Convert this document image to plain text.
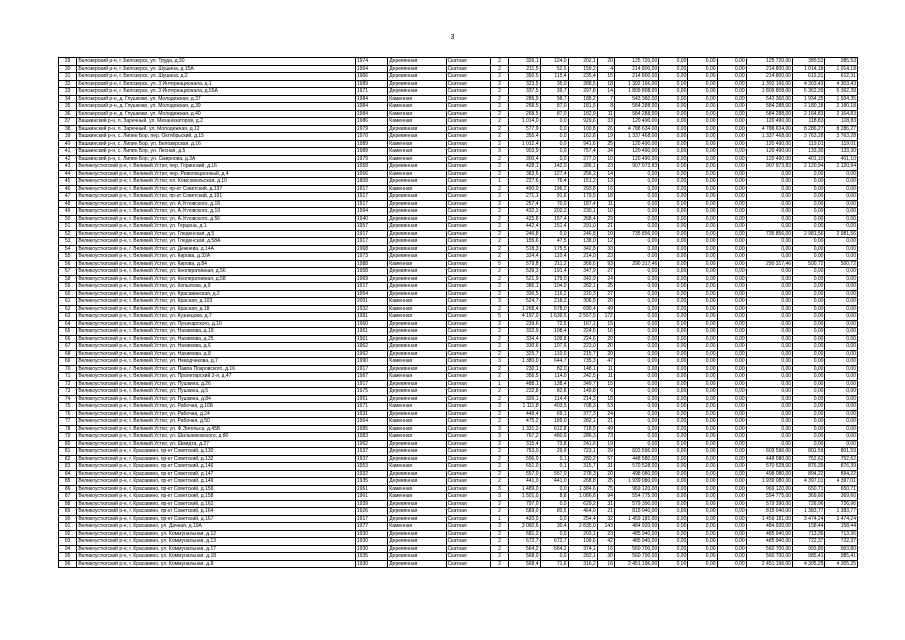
3
29	Белозерский р-н, г. Белозерск, ул. Труда, д.30	1974	Деревянная	Скатная	2	326,1	124,0	202,1	20	125 720,00	0,00	0,00	0,00	125 720,00	385,53	385,53
30	Белозерский р-н, г. Белозерск, ул. Шушина, д.15А	1964	Деревянная	Скатная	2	211,5	52,6	159,2	4	214 800,00	0,00	0,00	0,00	214 800,00	1 014,18	1 014,18
31	Белозерский р-н, г. Белозерск, ул. Шушина, д.2	1966	Деревянная	Скатная	2	350,5	115,4	235,4	15	214 800,00	0,00	0,00	0,00	214 800,00	612,31	612,31
32	Белозерский р-н, г. Белозерск, ул. 3 Интернационала, д.1	1989	Деревянная	Скатная	2	323,5	35,0	288,5	18	1 392 166,00	0,00	0,00	0,00	1 392 166,00	4 303,43	4 303,43
33	Белозерский р-н, г. Белозерск, ул. 3 Интернационала, д.55А	1971	Деревянная	Скатная	2	337,5	39,7	297,8	14	1 809 808,00	0,00	0,00	0,00	1 809 808,00	5 362,39	5 362,39
34	Белозерский р-н, д. Глушково, ул. Молодежная, д.37	1984	Каменная	Скатная	2	286,9	98,7	188,2	7	543 360,00	0,00	0,00	0,00	543 360,00	1 934,35	1 934,35
35	Белозерский р-н, д. Глушково, ул. Молодежная, д.39	1984	Каменная	Скатная	2	268,5	87,0	181,5	8	584 288,00	0,00	0,00	0,00	584 288,00	2 180,18	2 180,18
36	Белозерский р-н, д. Глушково, ул. Молодежная, д.40	1984	Каменная	Скатная	2	268,5	87,0	182,9	11	584 288,00	0,00	0,00	0,00	584 288,00	2 164,83	2 164,83
37	Вашкинский р-н, п. Заречный, ул. Механизаторов, д.2	1986	Каменная	Скатная	2	1 014,0	0,0	929,6	33	120 490,00	0,00	0,00	0,00	120 490,00	118,83	118,83
38	Вашкинский р-н, п. Заречный, ул. Молодежная, д.12	1979	Деревянная	Скатная	2	577,9	0,0	100,8	26	4 788 634,00	0,00	0,00	0,00	4 788 634,00	8 286,27	8 286,27
39	Вашкинский р-н, с. Липин Бор, пер. Октябрьский, д.15	1970	Деревянная	Скатная	2	355,4	0,0	162,8	19	1 337 468,00	0,00	0,00	0,00	1 337 468,00	3 763,28	3 763,28
40	Вашкинский р-н, с. Липин Бор, ул. Белозерская, д.16	1989	Каменная	Скатная	2	1 012,4	0,0	941,6	25	120 490,00	0,00	0,00	0,00	120 490,00	119,01	119,01
41	Вашкинский р-н, с. Липин Бор, ул. Лесная, д.5	1989	Каменная	Скатная	3	903,9	0,0	757,4	34	120 490,00	0,00	0,00	0,00	120 490,00	133,30	133,30
42	Вашкинский р-н, с. Липин Бор, ул. Смирнова, д.3А	1979	Каменная	Скатная	2	300,4	0,0	277,0	10	120 490,00	0,00	0,00	0,00	120 490,00	401,10	401,10
43	Великоустюгский р-н, г. Великий Устюг, пер. Горинский, д.16	1958	Деревянная	Скатная	2	428,1	142,0	286,1	23	907 973,83	0,00	0,00	0,00	907 973,83	2 120,94	2 120,94
44	Великоустюгский р-н, г. Великий Устюг, пер. Революционный, д.4	1956	Каменная	Скатная	2	383,6	127,4	256,2	14	0,00	0,00	0,00	0,00	0,00	0,00	0,00
45	Великоустюгский р-н, г. Великий Устюг, пл. Комсомольская, д.10	1808	Деревянная	Скатная	1	227,6	76,4	151,2	13	0,00	0,00	0,00	0,00	0,00	0,00	0,00
46	Великоустюгский р-н, г. Великий Устюг, пр-кт Советский, д.137	1917	Каменная	Скатная	2	490,0	196,2	293,8	16	0,00	0,00	0,00	0,00	0,00	0,00	0,00
47	Великоустюгский р-н, г. Великий Устюг, пр-кт Советский, д.191	1917	Деревянная	Скатная	2	271,1	91,6	179,5	18	0,00	0,00	0,00	0,00	0,00	0,00	0,00
48	Великоустюгский р-н, г. Великий Устюг, ул. А.Угловского, д.18	1917	Деревянная	Скатная	2	257,4	70,0	187,4	11	0,00	0,00	0,00	0,00	0,00	0,00	0,00
49	Великоустюгский р-н, г. Великий Устюг, ул. А.Угловского, д.19	1994	Деревянная	Скатная	2	432,3	202,2	230,1	10	0,00	0,00	0,00	0,00	0,00	0,00	0,00
50	Великоустюгский р-н, г. Великий Устюг, ул. А.Угловского, д.56	1940	Деревянная	Скатная	2	425,8	157,4	268,4	29	0,00	0,00	0,00	0,00	0,00	0,00	0,00
51	Великоустюгский р-н, г. Великий Устюг, ул. Герцена, д.1	1957	Деревянная	Скатная	2	442,4	151,4	291,0	21	0,00	0,00	0,00	0,00	0,00	0,00	0,00
52	Великоустюгский р-н, г. Великий Устюг, ул. Гледенская, д.5	1917	Деревянная	Скатная	2	246,8	0,0	246,8	10	735 856,00	0,00	0,00	0,00	735 856,00	2 981,56	2 981,56
53	Великоустюгский р-н, г. Великий Устюг, ул. Гледенская, д.58А	1917	Деревянная	Скатная	2	155,6	47,5	138,0	12	0,00	0,00	0,00	0,00	0,00	0,00	0,00
54	Великоустюгский р-н, г. Великий Устюг, ул. Дежнева, д.14А	1968	Деревянная	Скатная	2	518,3	175,5	342,8	33	0,00	0,00	0,00	0,00	0,00	0,00	0,00
55	Великоустюгский р-н, г. Великий Устюг, ул. Кирова, д.32А	1973	Деревянная	Скатная	2	324,4	110,4	214,0	23	0,00	0,00	0,00	0,00	0,00	0,00	0,00
56	Великоустюгский р-н, г. Великий Устюг, ул. Кирова, д.84	1988	Каменная	Скатная	5	579,8	211,2	368,6	93	290 317,46	0,00	0,00	0,00	290 317,46	500,72	500,72
57	Великоустюгский р-н, г. Великий Устюг, ул. Кооперативная, д.56	1958	Деревянная	Скатная	2	539,3	191,4	347,9	27	0,00	0,00	0,00	0,00	0,00	0,00	0,00
58	Великоустюгский р-н, г. Великий Устюг, ул. Кооперативная, д.58	1969	Деревянная	Скатная	2	521,9	179,0	342,9	24	0,00	0,00	0,00	0,00	0,00	0,00	0,00
59	Великоустюгский р-н, г. Великий Устюг, ул. Копылова, д.9	1917	Деревянная	Скатная	2	386,1	104,0	282,1	25	0,00	0,00	0,00	0,00	0,00	0,00	0,00
60	Великоустюгский р-н, г. Великий Устюг, ул. Красавинская, д.2	1954	Деревянная	Скатная	2	336,5	116,2	220,3	27	0,00	0,00	0,00	0,00	0,00	0,00	0,00
61	Великоустюгский р-н, г. Великий Устюг, ул. Красная, д.103	2001	Каменная	Скатная	3	524,7	218,2	306,5	20	0,00	0,00	0,00	0,00	0,00	0,00	0,00
62	Великоустюгский р-н, г. Великий Устюг, ул. Красная, д.18	1932	Каменная	Скатная	2	1 268,4	578,0	690,4	49	0,00	0,00	0,00	0,00	0,00	0,00	0,00
63	Великоустюгский р-н, г. Великий Устюг, ул. Кузнецова, д.7	1981	Каменная	Скатная	5	4 197,0	1 639,5	2 557,5	172	0,00	0,00	0,00	0,00	0,00	0,00	0,00
64	Великоустюгский р-н, г. Великий Устюг, ул. Луначарского, д.10	1960	Деревянная	Скатная	2	239,6	72,5	167,1	15	0,00	0,00	0,00	0,00	0,00	0,00	0,00
65	Великоустюгский р-н, г. Великий Устюг, ул. Нахимова, д.19	1961	Деревянная	Скатная	2	332,9	108,4	224,5	16	0,00	0,00	0,00	0,00	0,00	0,00	0,00
66	Великоустюгский р-н, г. Великий Устюг, ул. Нахимова, д.25	1961	Деревянная	Скатная	2	334,4	109,8	224,6	20	0,00	0,00	0,00	0,00	0,00	0,00	0,00
67	Великоустюгский р-н, г. Великий Устюг, ул. Нахимова, д.6	1962	Деревянная	Скатная	2	330,6	107,6	223,0	20	0,00	0,00	0,00	0,00	0,00	0,00	0,00
68	Великоустюгский р-н, г. Великий Устюг, ул. Нахимова, д.8	1962	Деревянная	Скатная	2	325,7	110,0	215,7	20	0,00	0,00	0,00	0,00	0,00	0,00	0,00
69	Великоустюгский р-н, г. Великий Устюг, ул. Неводчикова, д.7	1990	Каменная	Скатная	3	1 380,0	644,7	735,3	47	0,00	0,00	0,00	0,00	0,00	0,00	0,00
70	Великоустюгский р-н, г. Великий Устюг, ул. Павла Покровского, д.16	1917	Деревянная	Скатная	2	230,1	82,0	148,1	11	0,00	0,00	0,00	0,00	0,00	0,00	0,00
71	Великоустюгский р-н, г. Великий Устюг, ул. Пролетарский 2-я, д.47	1967	Каменная	Скатная	2	356,5	114,0	242,5	11	0,00	0,00	0,00	0,00	0,00	0,00	0,00
72	Великоустюгский р-н, г. Великий Устюг, ул. Пушкина, д.26	1917	Деревянная	Скатная	1	488,1	138,4	349,7	15	0,00	0,00	0,00	0,00	0,00	0,00	0,00
73	Великоустюгский р-н, г. Великий Устюг, ул. Пушкина, д.5	1975	Деревянная	Скатная	2	232,8	82,8	149,8	6	0,00	0,00	0,00	0,00	0,00	0,00	0,00
74	Великоустюгский р-н, г. Великий Устюг, ул. Пушкина, д.84	1961	Деревянная	Скатная	2	326,1	114,4	214,3	18	0,00	0,00	0,00	0,00	0,00	0,00	0,00
75	Великоустюгский р-н, г. Великий Устюг, ул. Рабочая, д.16Б	1971	Каменная	Скатная	3	1 111,8	403,5	708,3	53	0,00	0,00	0,00	0,00	0,00	0,00	0,00
76	Великоустюгский р-н, г. Великий Устюг, ул. Рабочая, д.24	1931	Деревянная	Скатная	2	448,4	69,1	377,3	24	0,00	0,00	0,00	0,00	0,00	0,00	0,00
77	Великоустюгский р-н, г. Великий Устюг, ул. Рабочая, д.50	1964	Каменная	Скатная	2	475,2	189,0	282,1	21	0,00	0,00	0,00	0,00	0,00	0,00	0,00
78	Великоустюгский р-н, г. Великий Устюг, ул. Ф.Энгельса, д.45Б	1985	Каменная	Скатная	3	1 331,3	612,8	718,5	49	0,00	0,00	0,00	0,00	0,00	0,00	0,00
79	Великоустюгский р-н, г. Великий Устюг, ул. Шильниковского, д.80	1983	Каменная	Скатная	3	767,2	480,9	286,3	73	0,00	0,00	0,00	0,00	0,00	0,00	0,00
80	Великоустюгский р-н, г. Великий Устюг, ул. Шмидта, д.27	1962	Деревянная	Скатная	2	315,4	73,8	241,6	19	0,00	0,00	0,00	0,00	0,00	0,00	0,00
81	Великоустюгский р-н, г. Красавино, пр-кт Советский, д.130	1937	Деревянная	Скатная	2	753,0	29,9	723,1	29	603 596,00	0,00	0,00	0,00	603 596,00	801,59	801,59
82	Великоустюгский р-н, г. Красавино, пр-кт Советский, д.132	1937	Деревянная	Скатная	2	596,0	0,1	280,2	57	448 580,00	0,00	0,00	0,00	448 580,00	752,62	752,62
83	Великоустюгский р-н, г. Красавино, пр-кт Советский, д.146	1953	Каменная	Скатная	2	651,0	0,1	315,7	31	570 528,00	0,00	0,00	0,00	570 528,00	876,39	876,39
84	Великоустюгский р-н, г. Красавино, пр-кт Советский, д.147	1932	Деревянная	Скатная	2	557,0	557,0	278,3	20	498 080,00	0,00	0,00	0,00	498 080,00	894,22	894,22
85	Великоустюгский р-н, г. Красавино, пр-кт Советский, д.149	1935	Деревянная	Скатная	2	441,0	441,0	268,8	25	1 939 080,00	0,00	0,00	0,00	1 939 080,00	4 397,01	4 397,01
86	Великоустюгский р-н, г. Красавино, пр-кт Советский, д.156	1961	Каменная	Скатная	3	1 489,0	0,0	1 384,6	75	969 120,00	0,00	0,00	0,00	969 120,00	650,71	650,71
87	Великоустюгский р-н, г. Красавино, пр-кт Советский, д.158	1961	Каменная	Скатная	3	1 501,0	8,8	1 086,8	94	554 775,00	0,00	0,00	0,00	554 775,00	369,60	369,60
88	Великоустюгский р-н, г. Красавино, пр-кт Советский, д.162	1939	Деревянная	Скатная	2	797,0	0,0	629,2	31	579 390,00	0,00	0,00	0,00	579 390,00	726,96	726,96
89	Великоустюгский р-н, г. Красавино, пр-кт Советский, д.164	1926	Деревянная	Скатная	2	589,0	80,5	464,0	21	815 040,00	0,00	0,00	0,00	815 040,00	1 383,77	1 383,77
90	Великоустюгский р-н, г. Красавино, пр-кт Советский, д.167	1917	Деревянная	Скатная	1	420,0	0,0	254,4	32	1 459 181,00	0,00	0,00	0,00	1 459 181,00	3 474,24	3 474,24
91	Великоустюгский р-н, г. Красавино, ул. Дачная, д.19А	1977	Каменная	Скатная	3	3 060,6	30,4	2 835,0	143	484 920,00	0,00	0,00	0,00	484 920,00	158,44	158,44
92	Великоустюгский р-н, г. Красавино, ул. Коммунальная, д.12	1930	Деревянная	Скатная	2	681,2	0,0	203,1	23	485 940,00	0,00	0,00	0,00	485 940,00	713,36	713,36
93	Великоустюгский р-н, г. Красавино, ул. Коммунальная, д.13	1930	Деревянная	Скатная	2	672,7	672,7	109,6	42	485 940,00	0,00	0,00	0,00	485 940,00	722,37	722,37
94	Великоустюгский р-н, г. Красавино, ул. Коммунальная, д.17	1930	Деревянная	Скатная	2	564,2	564,2	374,1	16	560 700,00	0,00	0,00	0,00	560 700,00	993,80	993,80
95	Великоустюгский р-н, г. Красавино, ул. Коммунальная, д.18	1935	Деревянная	Скатная	2	568,0	0,0	283,1	30	560 700,00	0,00	0,00	0,00	560 700,00	985,41	985,41
96	Великоустюгский р-н, г. Красавино, ул. Коммунальная, д.8	1930	Деревянная	Скатная	2	568,4	71,6	316,2	16	2 451 196,00	0,00	0,00	0,00	2 451 196,00	4 305,25	4 305,25
